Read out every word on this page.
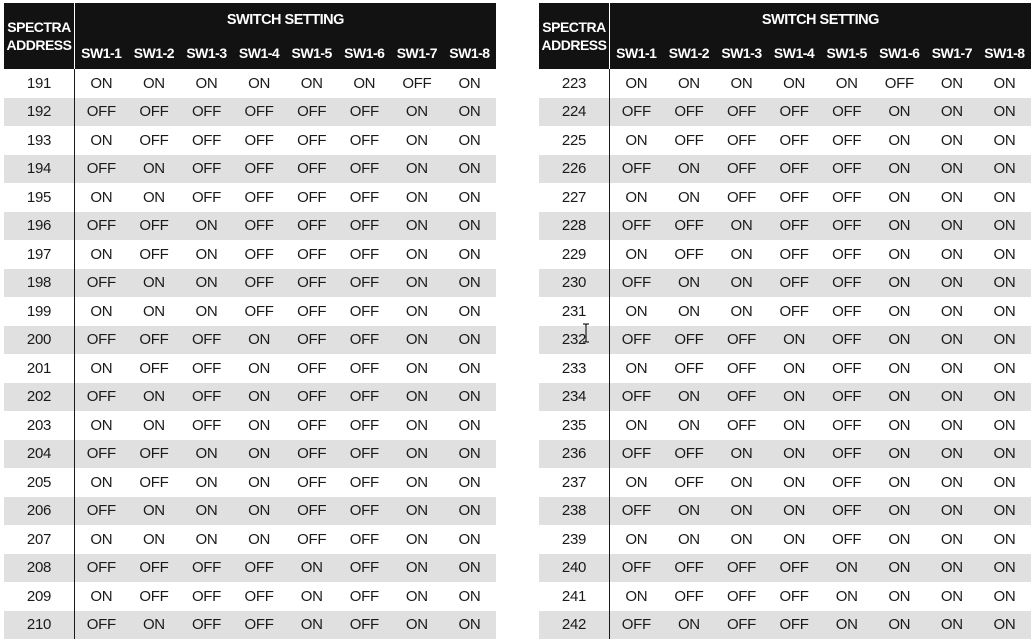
SPECTRA
ADDRESS	SWITCH SETTING							
	SW1-1	SW1-2	SW1-3	SW1-4	SW1-5	SW1-6	SW1-7	SW1-8
191	ON	ON	ON	ON	ON	ON	OFF	ON
192	OFF	OFF	OFF	OFF	OFF	OFF	ON	ON
193	ON	OFF	OFF	OFF	OFF	OFF	ON	ON
194	OFF	ON	OFF	OFF	OFF	OFF	ON	ON
195	ON	ON	OFF	OFF	OFF	OFF	ON	ON
196	OFF	OFF	ON	OFF	OFF	OFF	ON	ON
197	ON	OFF	ON	OFF	OFF	OFF	ON	ON
198	OFF	ON	ON	OFF	OFF	OFF	ON	ON
199	ON	ON	ON	OFF	OFF	OFF	ON	ON
200	OFF	OFF	OFF	ON	OFF	OFF	ON	ON
201	ON	OFF	OFF	ON	OFF	OFF	ON	ON
202	OFF	ON	OFF	ON	OFF	OFF	ON	ON
203	ON	ON	OFF	ON	OFF	OFF	ON	ON
204	OFF	OFF	ON	ON	OFF	OFF	ON	ON
205	ON	OFF	ON	ON	OFF	OFF	ON	ON
206	OFF	ON	ON	ON	OFF	OFF	ON	ON
207	ON	ON	ON	ON	OFF	OFF	ON	ON
208	OFF	OFF	OFF	OFF	ON	OFF	ON	ON
209	ON	OFF	OFF	OFF	ON	OFF	ON	ON
210	OFF	ON	OFF	OFF	ON	OFF	ON	ON
SPECTRA
ADDRESS	SWITCH SETTING							
	SW1-1	SW1-2	SW1-3	SW1-4	SW1-5	SW1-6	SW1-7	SW1-8
223	ON	ON	ON	ON	ON	OFF	ON	ON
224	OFF	OFF	OFF	OFF	OFF	ON	ON	ON
225	ON	OFF	OFF	OFF	OFF	ON	ON	ON
226	OFF	ON	OFF	OFF	OFF	ON	ON	ON
227	ON	ON	OFF	OFF	OFF	ON	ON	ON
228	OFF	OFF	ON	OFF	OFF	ON	ON	ON
229	ON	OFF	ON	OFF	OFF	ON	ON	ON
230	OFF	ON	ON	OFF	OFF	ON	ON	ON
231	ON	ON	ON	OFF	OFF	ON	ON	ON
232	OFF	OFF	OFF	ON	OFF	ON	ON	ON
233	ON	OFF	OFF	ON	OFF	ON	ON	ON
234	OFF	ON	OFF	ON	OFF	ON	ON	ON
235	ON	ON	OFF	ON	OFF	ON	ON	ON
236	OFF	OFF	ON	ON	OFF	ON	ON	ON
237	ON	OFF	ON	ON	OFF	ON	ON	ON
238	OFF	ON	ON	ON	OFF	ON	ON	ON
239	ON	ON	ON	ON	OFF	ON	ON	ON
240	OFF	OFF	OFF	OFF	ON	ON	ON	ON
241	ON	OFF	OFF	OFF	ON	ON	ON	ON
242	OFF	ON	OFF	OFF	ON	ON	ON	ON
